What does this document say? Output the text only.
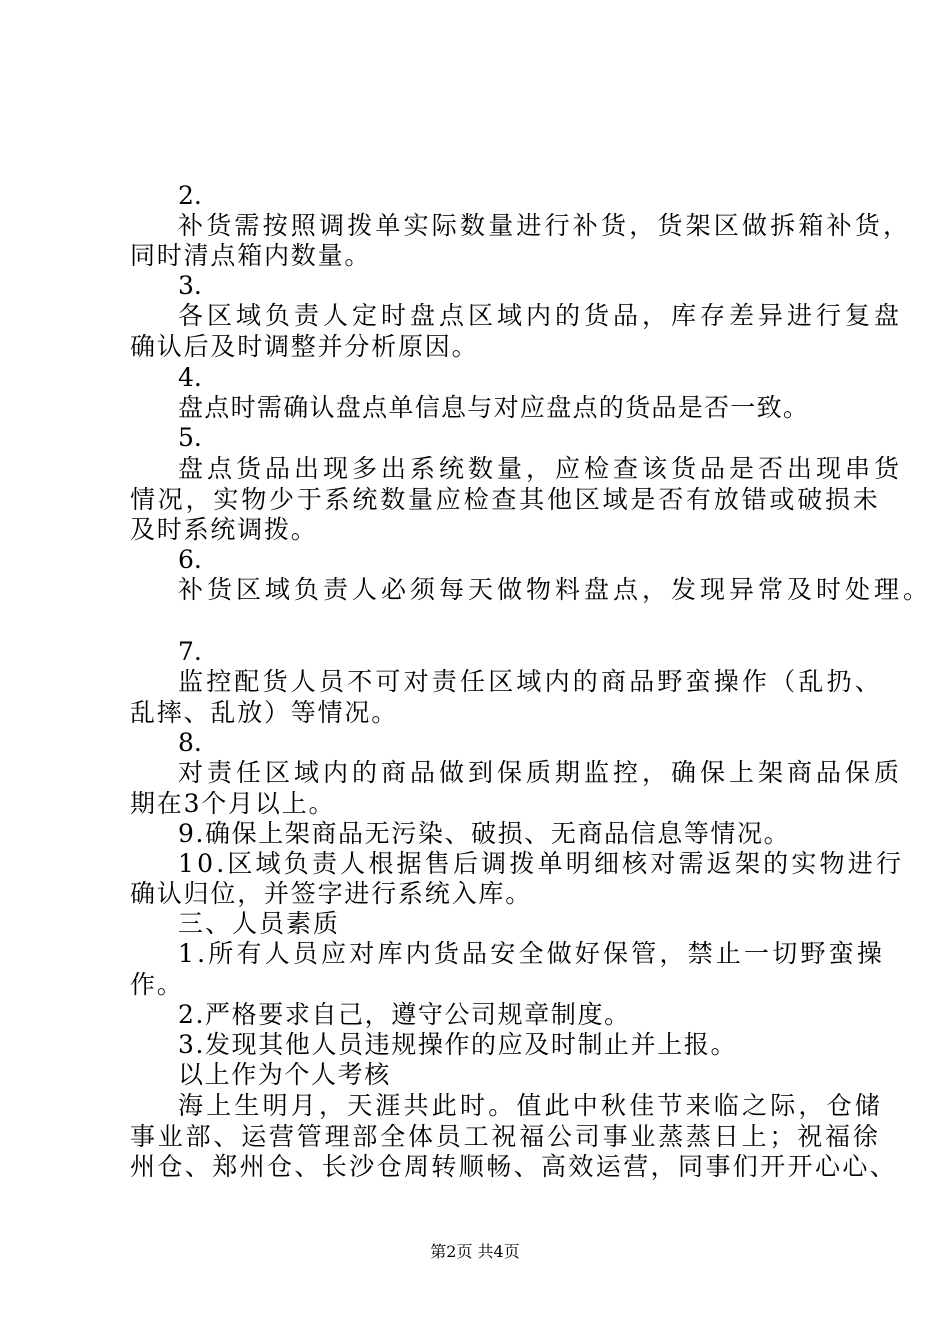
2.
补货需按照调拨单实际数量进行补货，货架区做拆箱补货，
同时清点箱内数量。
3.
各区域负责人定时盘点区域内的货品，库存差异进行复盘
确认后及时调整并分析原因。
4.
盘点时需确认盘点单信息与对应盘点的货品是否一致。
5.
盘点货品出现多出系统数量，应检查该货品是否出现串货
情况，实物少于系统数量应检查其他区域是否有放错或破损未
及时系统调拨。
6.
补货区域负责人必须每天做物料盘点，发现异常及时处理。
7.
监控配货人员不可对责任区域内的商品野蛮操作（乱扔、
乱摔、乱放）等情况。
8.
对责任区域内的商品做到保质期监控，确保上架商品保质
期在3个月以上。
9.确保上架商品无污染、破损、无商品信息等情况。
10.区域负责人根据售后调拨单明细核对需返架的实物进行
确认归位，并签字进行系统入库。
三、人员素质
1.所有人员应对库内货品安全做好保管，禁止一切野蛮操
作。
2.严格要求自己，遵守公司规章制度。
3.发现其他人员违规操作的应及时制止并上报。
以上作为个人考核
海上生明月，天涯共此时。值此中秋佳节来临之际，仓储
事业部、运营管理部全体员工祝福公司事业蒸蒸日上；祝福徐
州仓、郑州仓、长沙仓周转顺畅、高效运营，同事们开开心心、
第2页 共4页
